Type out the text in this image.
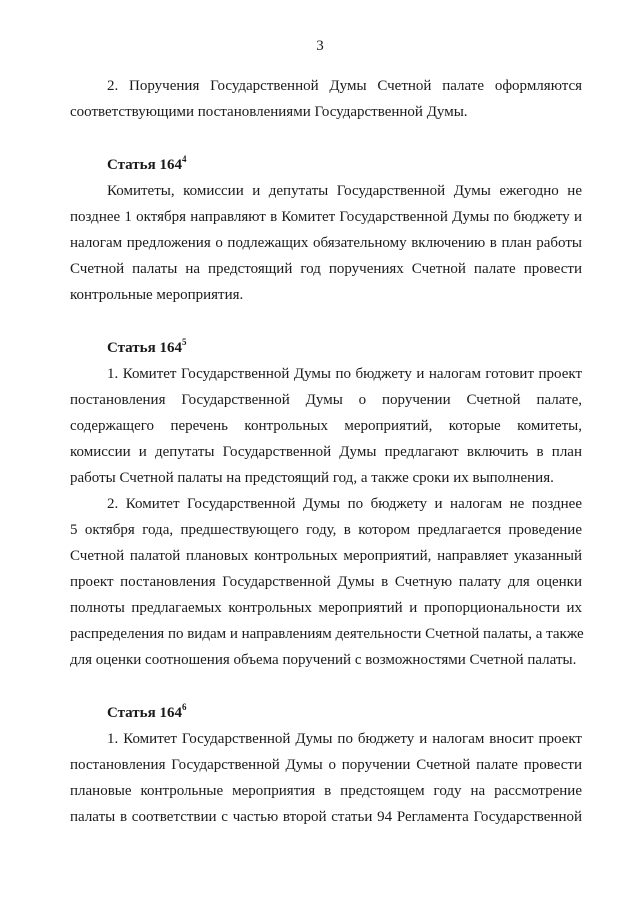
3
2. Поручения Государственной Думы Счетной палате оформляются
соответствующими постановлениями Государственной Думы.
Статья $164^4$
Комитеты, комиссии и депутаты Государственной Думы ежегодно не
позднее 1 октября направляют в Комитет Государственной Думы по бюджету и
налогам предложения о подлежащих обязательному включению в план работы
Счетной палаты на предстоящий год поручениях Счетной палате провести
контрольные мероприятия.
Статья $164^5$
1. Комитет Государственной Думы по бюджету и налогам готовит проект
постановления Государственной Думы о поручении Счетной палате,
содержащего перечень контрольных мероприятий, которые комитеты,
комиссии и депутаты Государственной Думы предлагают включить в план
работы Счетной палаты на предстоящий год, а также сроки их выполнения.
2. Комитет Государственной Думы по бюджету и налогам не позднее
5 октября года, предшествующего году, в котором предлагается проведение
Счетной палатой плановых контрольных мероприятий, направляет указанный
проект постановления Государственной Думы в Счетную палату для оценки
полноты предлагаемых контрольных мероприятий и пропорциональности их
распределения по видам и направлениям деятельности Счетной палаты, а также
для оценки соотношения объема поручений с возможностями Счетной палаты.
Статья $164^6$
1. Комитет Государственной Думы по бюджету и налогам вносит проект
постановления Государственной Думы о поручении Счетной палате провести
плановые контрольные мероприятия в предстоящем году на рассмотрение
палаты в соответствии с частью второй статьи 94 Регламента Государственной
